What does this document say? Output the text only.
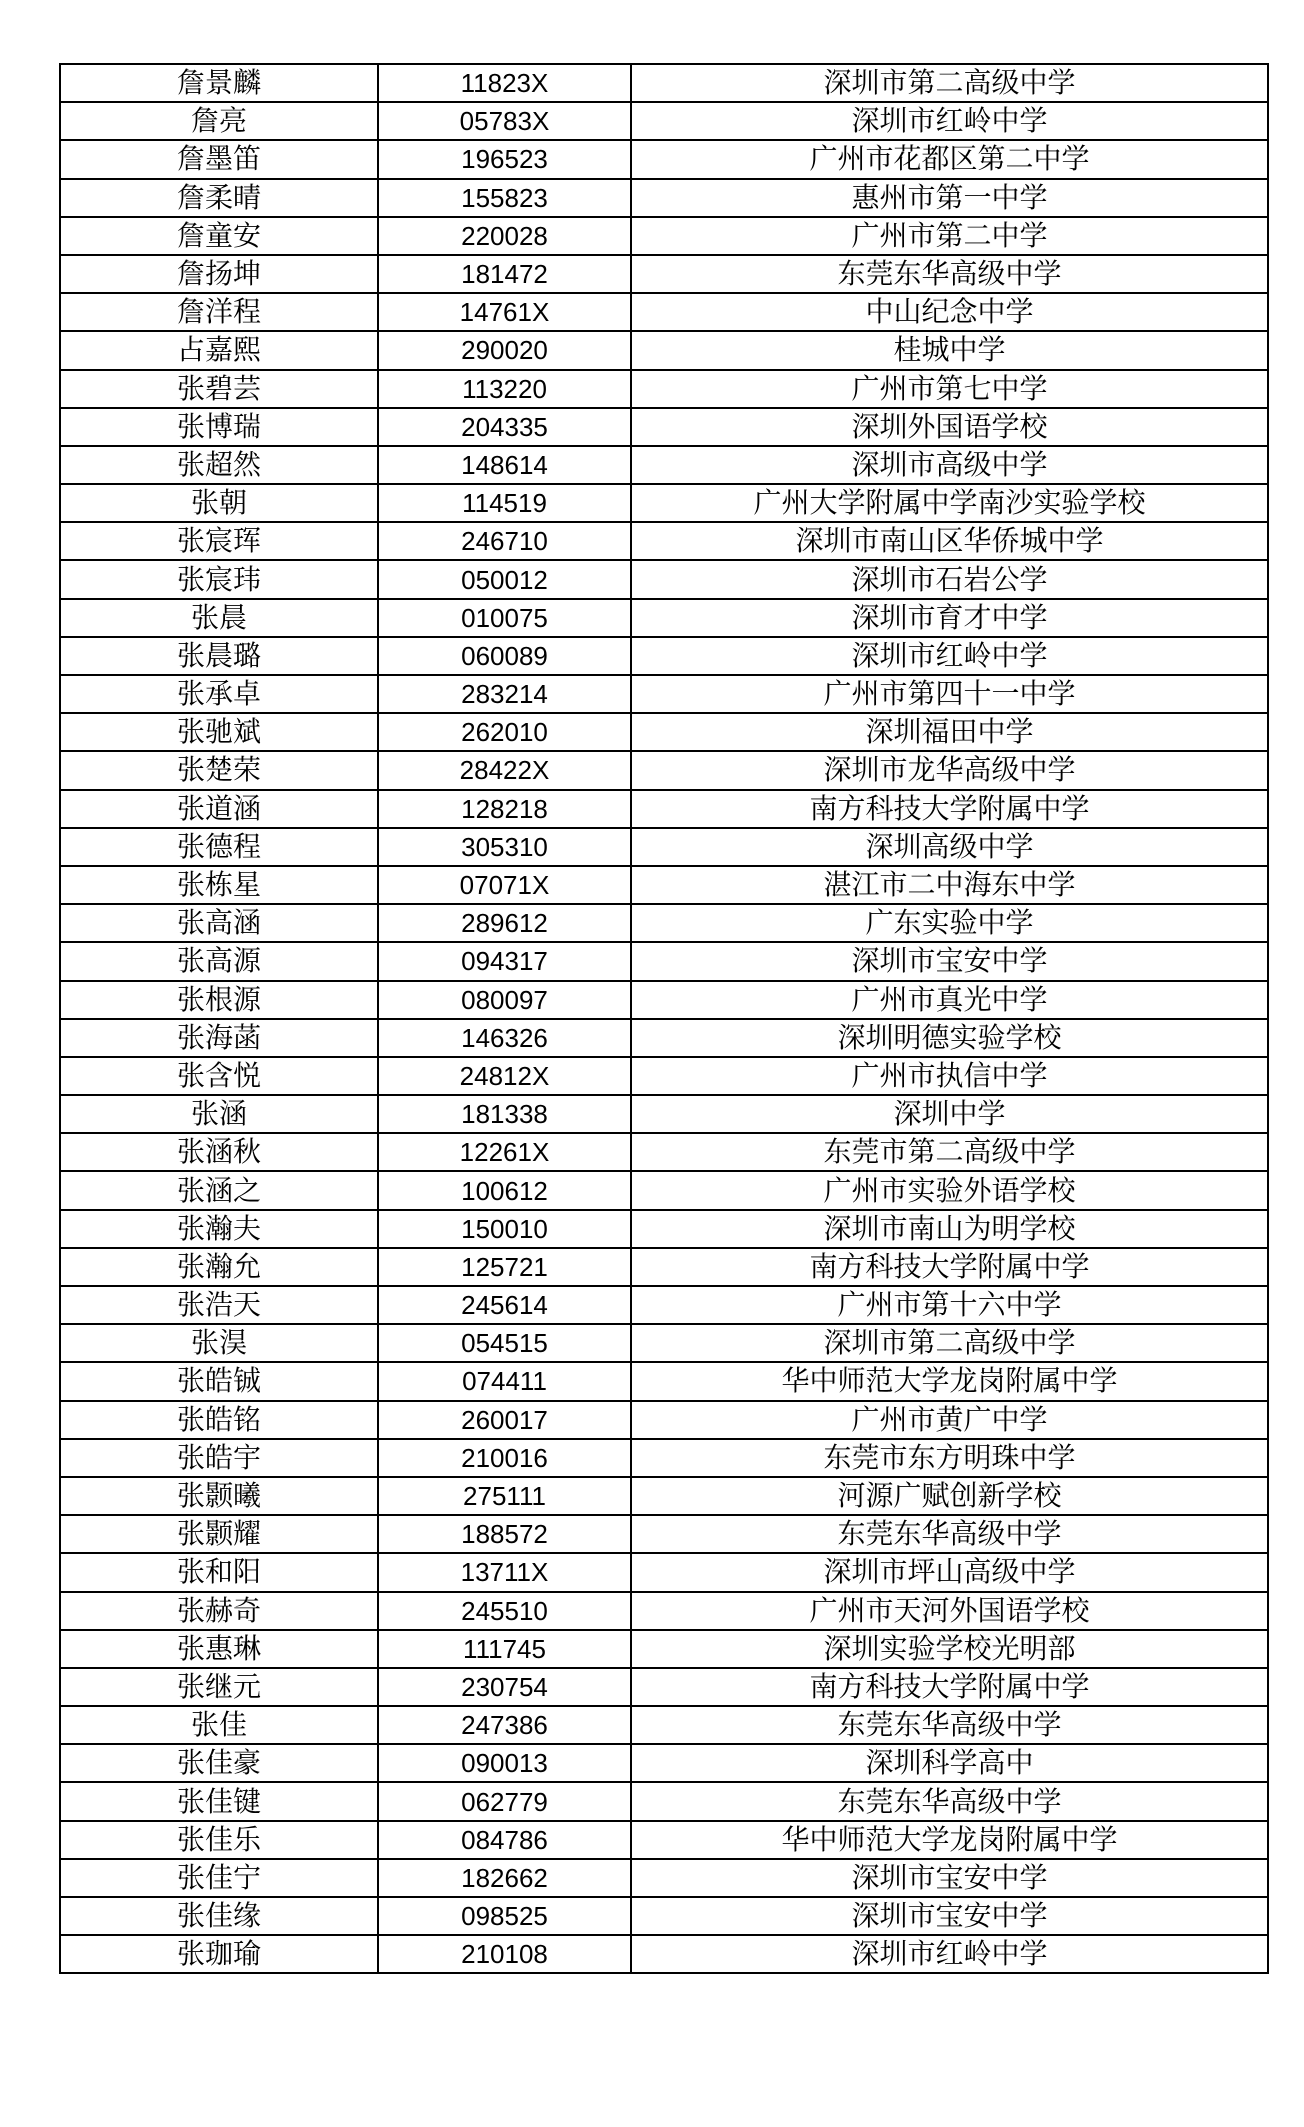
詹景麟	11823X	深圳市第二高级中学
詹亮	05783X	深圳市红岭中学
詹墨笛	196523	广州市花都区第二中学
詹柔晴	155823	惠州市第一中学
詹童安	220028	广州市第二中学
詹扬坤	181472	东莞东华高级中学
詹洋程	14761X	中山纪念中学
占嘉熙	290020	桂城中学
张碧芸	113220	广州市第七中学
张博瑞	204335	深圳外国语学校
张超然	148614	深圳市高级中学
张朝	114519	广州大学附属中学南沙实验学校
张宸珲	246710	深圳市南山区华侨城中学
张宸玮	050012	深圳市石岩公学
张晨	010075	深圳市育才中学
张晨璐	060089	深圳市红岭中学
张承卓	283214	广州市第四十一中学
张驰斌	262010	深圳福田中学
张楚荣	28422X	深圳市龙华高级中学
张道涵	128218	南方科技大学附属中学
张德程	305310	深圳高级中学
张栋星	07071X	湛江市二中海东中学
张高涵	289612	广东实验中学
张高源	094317	深圳市宝安中学
张根源	080097	广州市真光中学
张海菡	146326	深圳明德实验学校
张含悦	24812X	广州市执信中学
张涵	181338	深圳中学
张涵秋	12261X	东莞市第二高级中学
张涵之	100612	广州市实验外语学校
张瀚夫	150010	深圳市南山为明学校
张瀚允	125721	南方科技大学附属中学
张浩天	245614	广州市第十六中学
张淏	054515	深圳市第二高级中学
张皓铖	074411	华中师范大学龙岗附属中学
张皓铭	260017	广州市黄广中学
张皓宇	210016	东莞市东方明珠中学
张颢曦	275111	河源广赋创新学校
张颢耀	188572	东莞东华高级中学
张和阳	13711X	深圳市坪山高级中学
张赫奇	245510	广州市天河外国语学校
张惠琳	111745	深圳实验学校光明部
张继元	230754	南方科技大学附属中学
张佳	247386	东莞东华高级中学
张佳豪	090013	深圳科学高中
张佳键	062779	东莞东华高级中学
张佳乐	084786	华中师范大学龙岗附属中学
张佳宁	182662	深圳市宝安中学
张佳缘	098525	深圳市宝安中学
张珈瑜	210108	深圳市红岭中学
